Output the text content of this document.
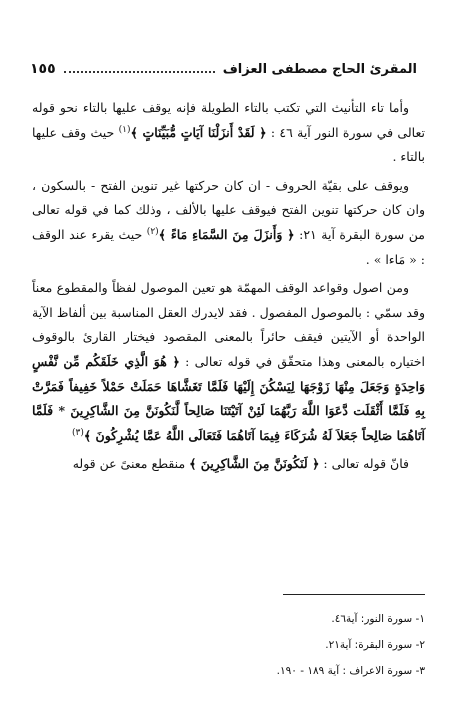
المقرئ الحاج مصطفى العزاف
١٥٥

وأما تاء التأنيث التي تكتب بالتاء الطويلة فإنه يوقف عليها بالتاء نحو قوله تعالى في سورة النور آية ٤٦ : ﴿ لَقَدْ أَنزَلْنَا آيَاتٍ مُّبَيِّنَاتٍ ﴾$^{(١)}$ حيث وقف عليها بالتاء .

ويوقف على بقيّة الحروف - ان كان حركتها غير تنوين الفتح - بالسكون ، وان كان حركتها تنوين الفتح فيوقف عليها بالألف ، وذلك كما في قوله تعالى من سورة البقرة آية ٢١: ﴿ وَأَنزَلَ مِنَ السَّمَاءِ مَاءً ﴾$^{(٢)}$ حيث يقرء عند الوقف : « مَاءا » .

ومن اصول وقواعد الوقف المهمّة هو تعين الموصول لفظاً والمقطوع معناً وقد سمّي : بالموصول المفصول . فقد لايدرك العقل المناسبة بين ألفاظ الآية الواحدة أو الآيتين فيقف حائراً بالمعنى المقصود فيختار القارئ بالوقوف اختياره بالمعنى وهذا متحقّق في قوله تعالى : ﴿ هُوَ الَّذِي خَلَقَكُم مِّن نَّفْسٍ وَاحِدَةٍ وَجَعَلَ مِنْهَا زَوْجَهَا لِيَسْكُنَ إِلَيْهَا فَلَمَّا تَغَشَّاهَا حَمَلَتْ حَمْلاً خَفِيفاً فَمَرَّتْ بِهِ فَلَمَّا أَثْقَلَت دَّعَوَا اللَّهَ رَبَّهُمَا لَئِنْ آتَيْتَنَا صَالِحاً لَّنَكُونَنَّ مِنَ الشَّاكِرِينَ * فَلَمَّا آتَاهُمَا صَالِحاً جَعَلاَ لَهُ شُرَكَاءَ فِيمَا آتَاهُمَا فَتَعَالَى اللَّهُ عَمَّا يُشْرِكُونَ ﴾$^{(٣)}$

فانّ قوله تعالى : ﴿ لَنَكُونَنَّ مِنَ الشَّاكِرِينَ ﴾ منقطع معنىً عن قوله

١- سورة النور: آية٤٦.
٢- سورة البقرة: آية٢١.
٣- سورة الاعراف : آية ١٨٩ - ١٩٠.
